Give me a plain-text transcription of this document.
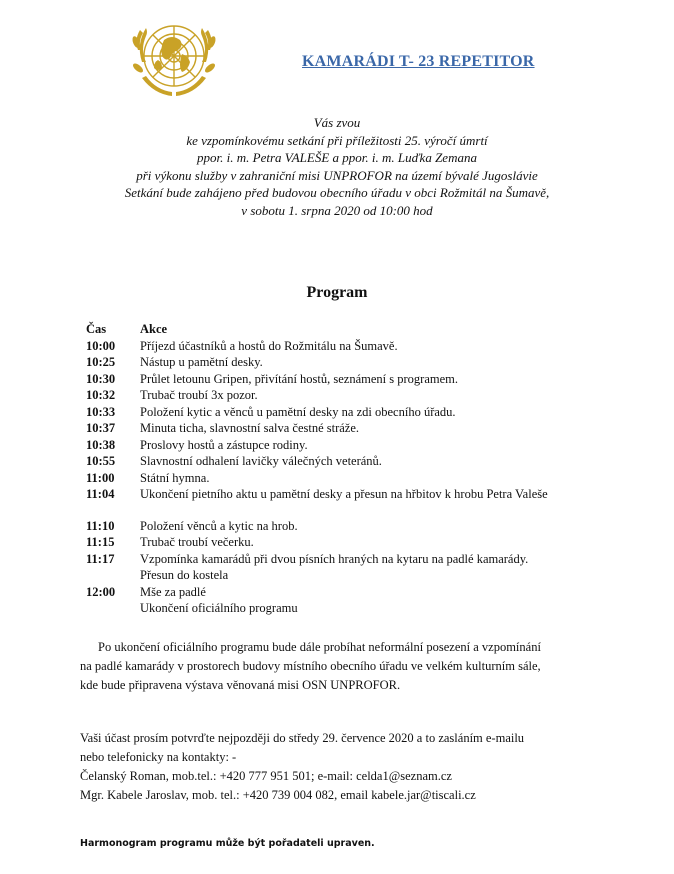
KAMARÁDI T- 23 REPETITOR
Vás zvou
ke vzpomínkovému setkání při příležitosti 25. výročí úmrtí
ppor. i. m. Petra VALEŠE a ppor. i. m. Luďka Zemana
při výkonu služby v zahraniční misi UNPROFOR na území bývalé Jugoslávie
Setkání bude zahájeno před budovou obecního úřadu v obci Rožmitál na Šumavě,
v sobotu 1. srpna 2020 od 10:00 hod
Program
Čas	Akce
10:00	Příjezd účastníků a hostů do Rožmitálu na Šumavě.
10:25	Nástup u pamětní desky.
10:30	Průlet letounu Gripen, přivítání hostů, seznámení s programem.
10:32	Trubač troubí 3x pozor.
10:33	Položení kytic a věnců u pamětní desky na zdi obecního úřadu.
10:37	Minuta ticha, slavnostní salva čestné stráže.
10:38	Proslovy hostů a zástupce rodiny.
10:55	Slavnostní odhalení lavičky válečných veteránů.
11:00	Státní hymna.
11:04	Ukončení pietního aktu u pamětní desky a přesun na hřbitov k hrobu Petra Valeše
11:10	Položení věnců a kytic na hrob.
11:15	Trubač troubí večerku.
11:17	Vzpomínka kamarádů při dvou písních hraných na kytaru na padlé kamarády.
Přesun do kostela
12:00	Mše za padlé
Ukončení oficiálního programu
Po ukončení oficiálního programu bude dále probíhat neformální posezení a vzpomínání
na padlé kamarády v prostorech budovy místního obecního úřadu ve velkém kulturním sále,
kde bude připravena výstava věnovaná misi OSN UNPROFOR.
Vaši účast prosím potvrďte nejpozději do středy 29. července 2020 a to zasláním e-mailu
nebo telefonicky na kontakty: -
Čelanský Roman, mob.tel.: +420 777 951 501; e-mail: celda1@seznam.cz
Mgr. Kabele Jaroslav, mob. tel.: +420 739 004 082, email kabele.jar@tiscali.cz
Harmonogram programu může být pořadateli upraven.
